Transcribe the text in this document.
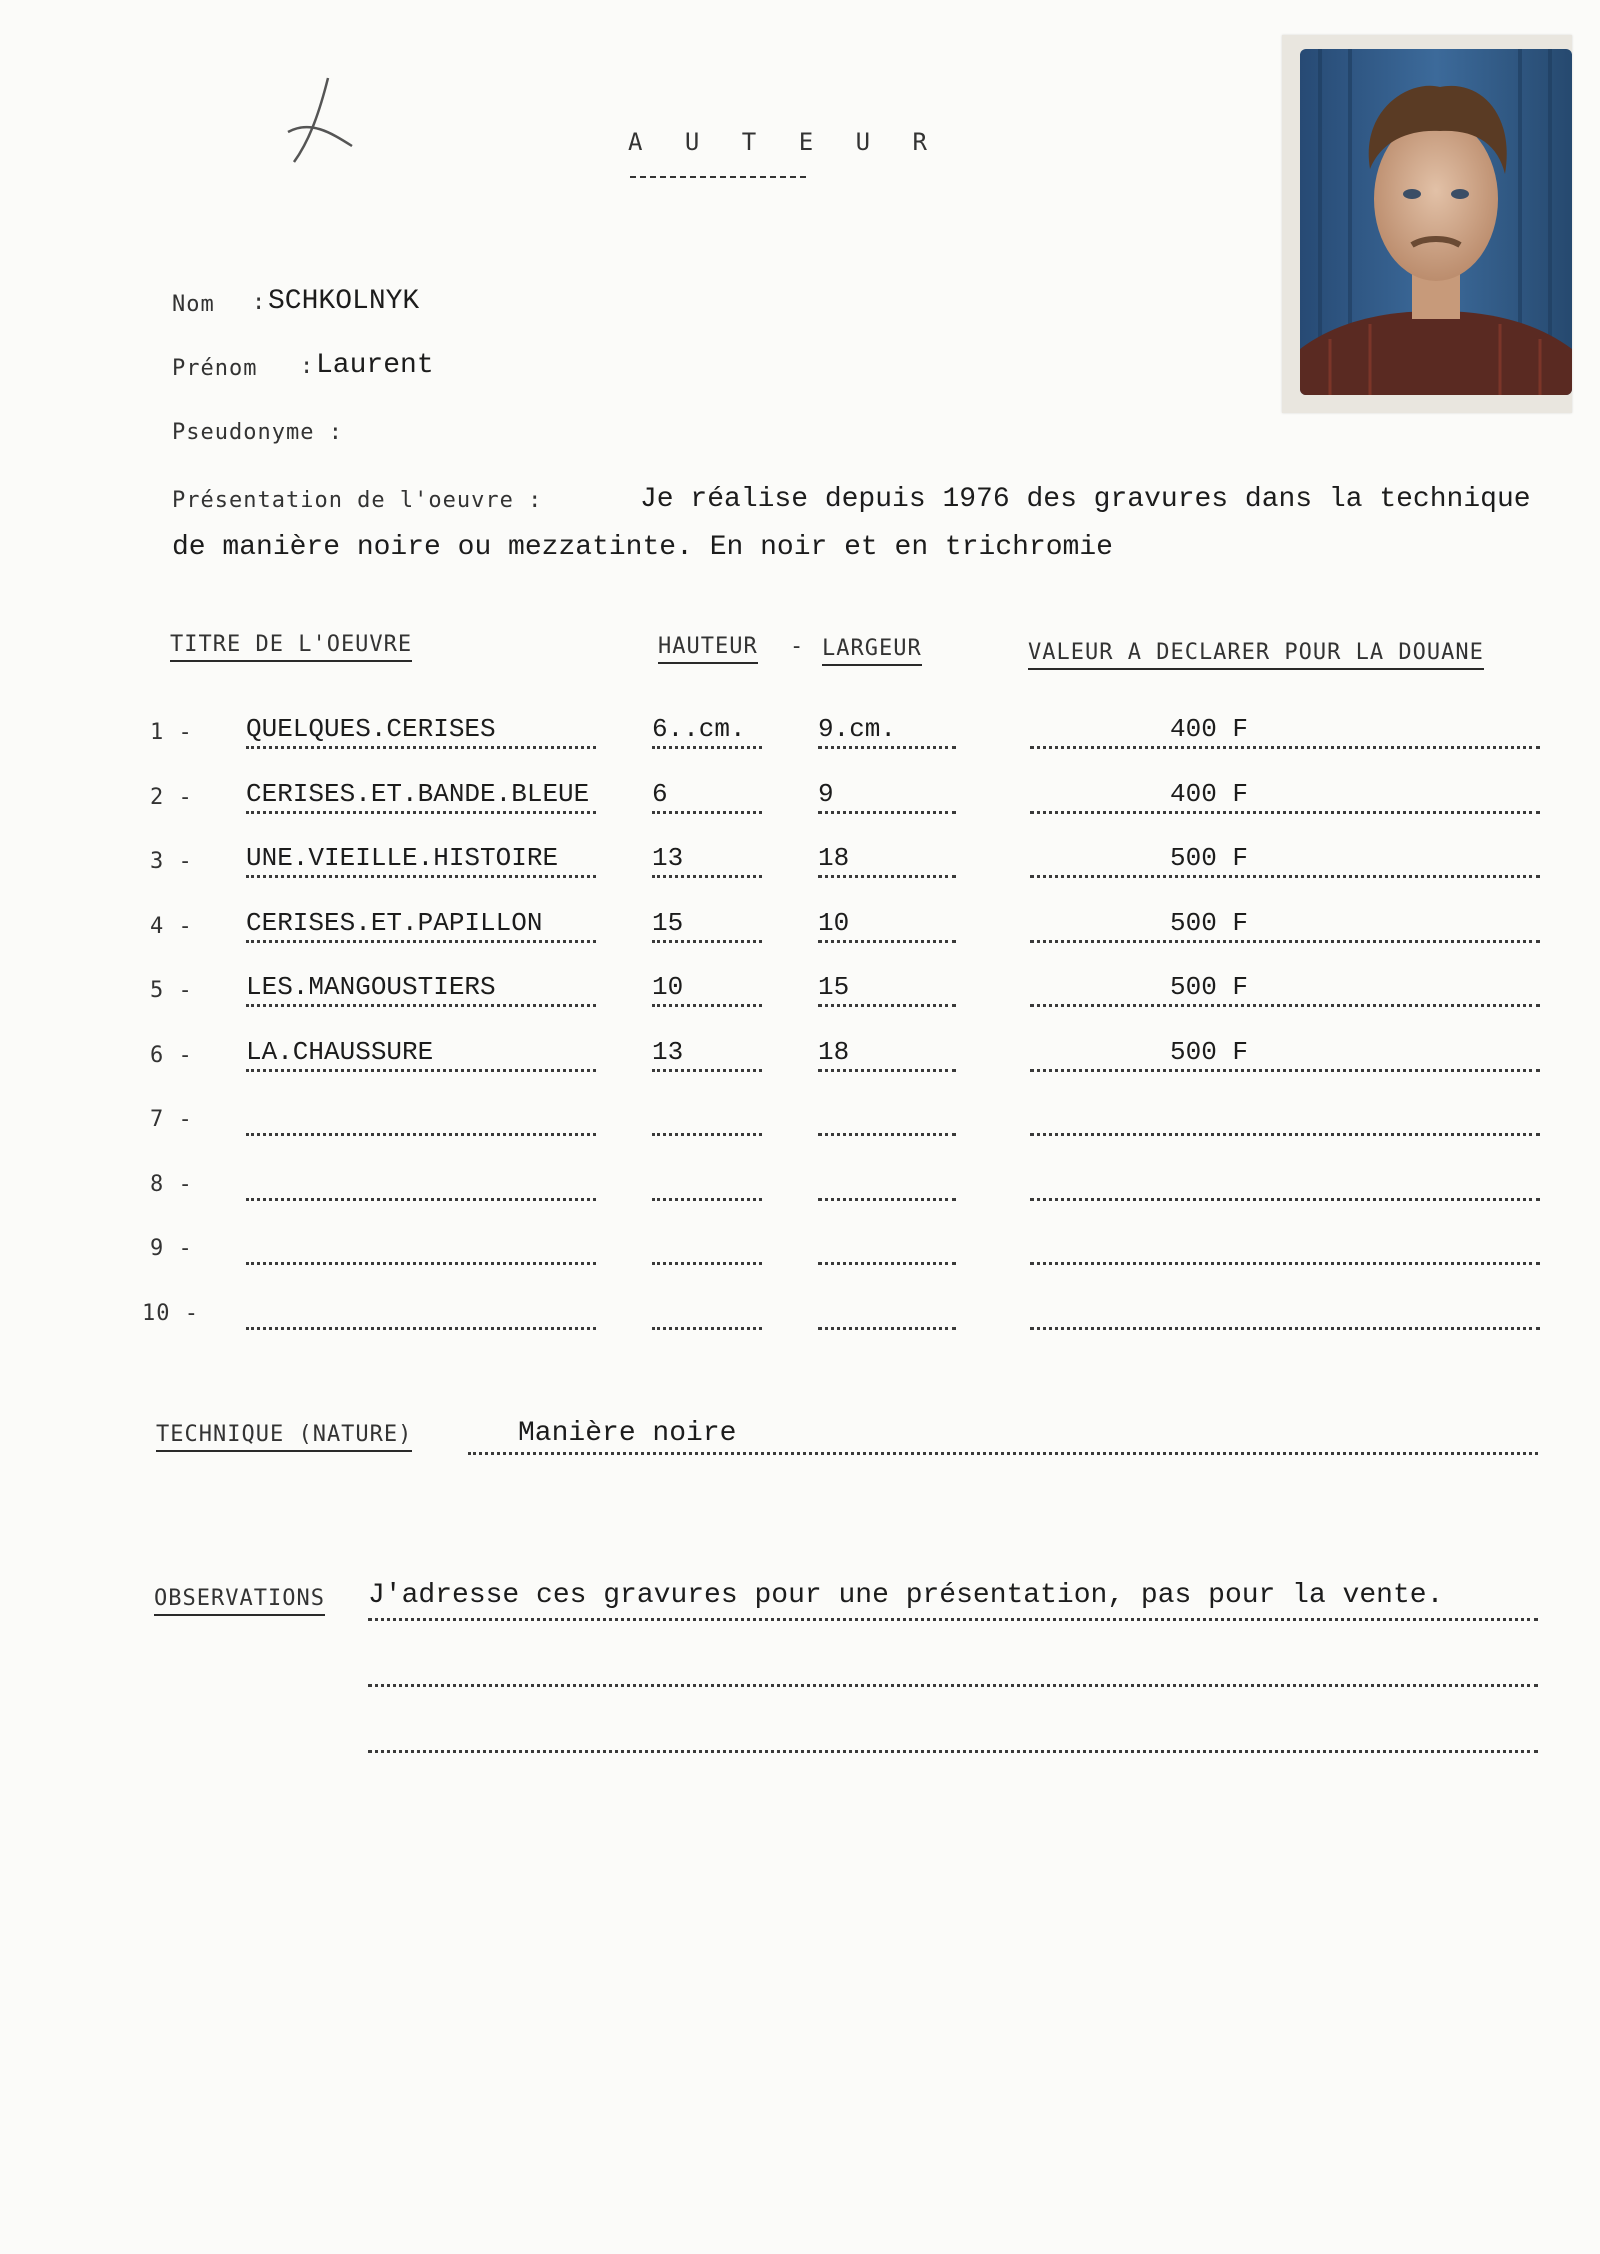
A U T E U R
Nom : SCHKOLNYK
Prénom : Laurent
Pseudonyme :
Présentation de l'oeuvre :	Je réalise depuis 1976 des gravures dans la technique
de manière noire ou mezzatinte. En noir et en trichromie
TITRE DE L'OEUVRE	HAUTEUR - LARGEUR	VALEUR A DECLARER POUR LA DOUANE
1 - QUELQUES.CERISES	6..cm.	9.cm.	400 F
2 - CERISES.ET.BANDE.BLEUE 6	9	400 F
3 - UNE.VIEILLE.HISTOIRE	13	18	500 F
4 - CERISES.ET.PAPILLON	15	10	500 F
5 - LES.MANGOUSTIERS	10	15	500 F
6 - LA.CHAUSSURE	13	18	500 F
7 -
8 -
9 -
10 -
TECHNIQUE (NATURE)	Manière noire
OBSERVATIONS J'adresse ces gravures pour une présentation, pas pour la vente.
